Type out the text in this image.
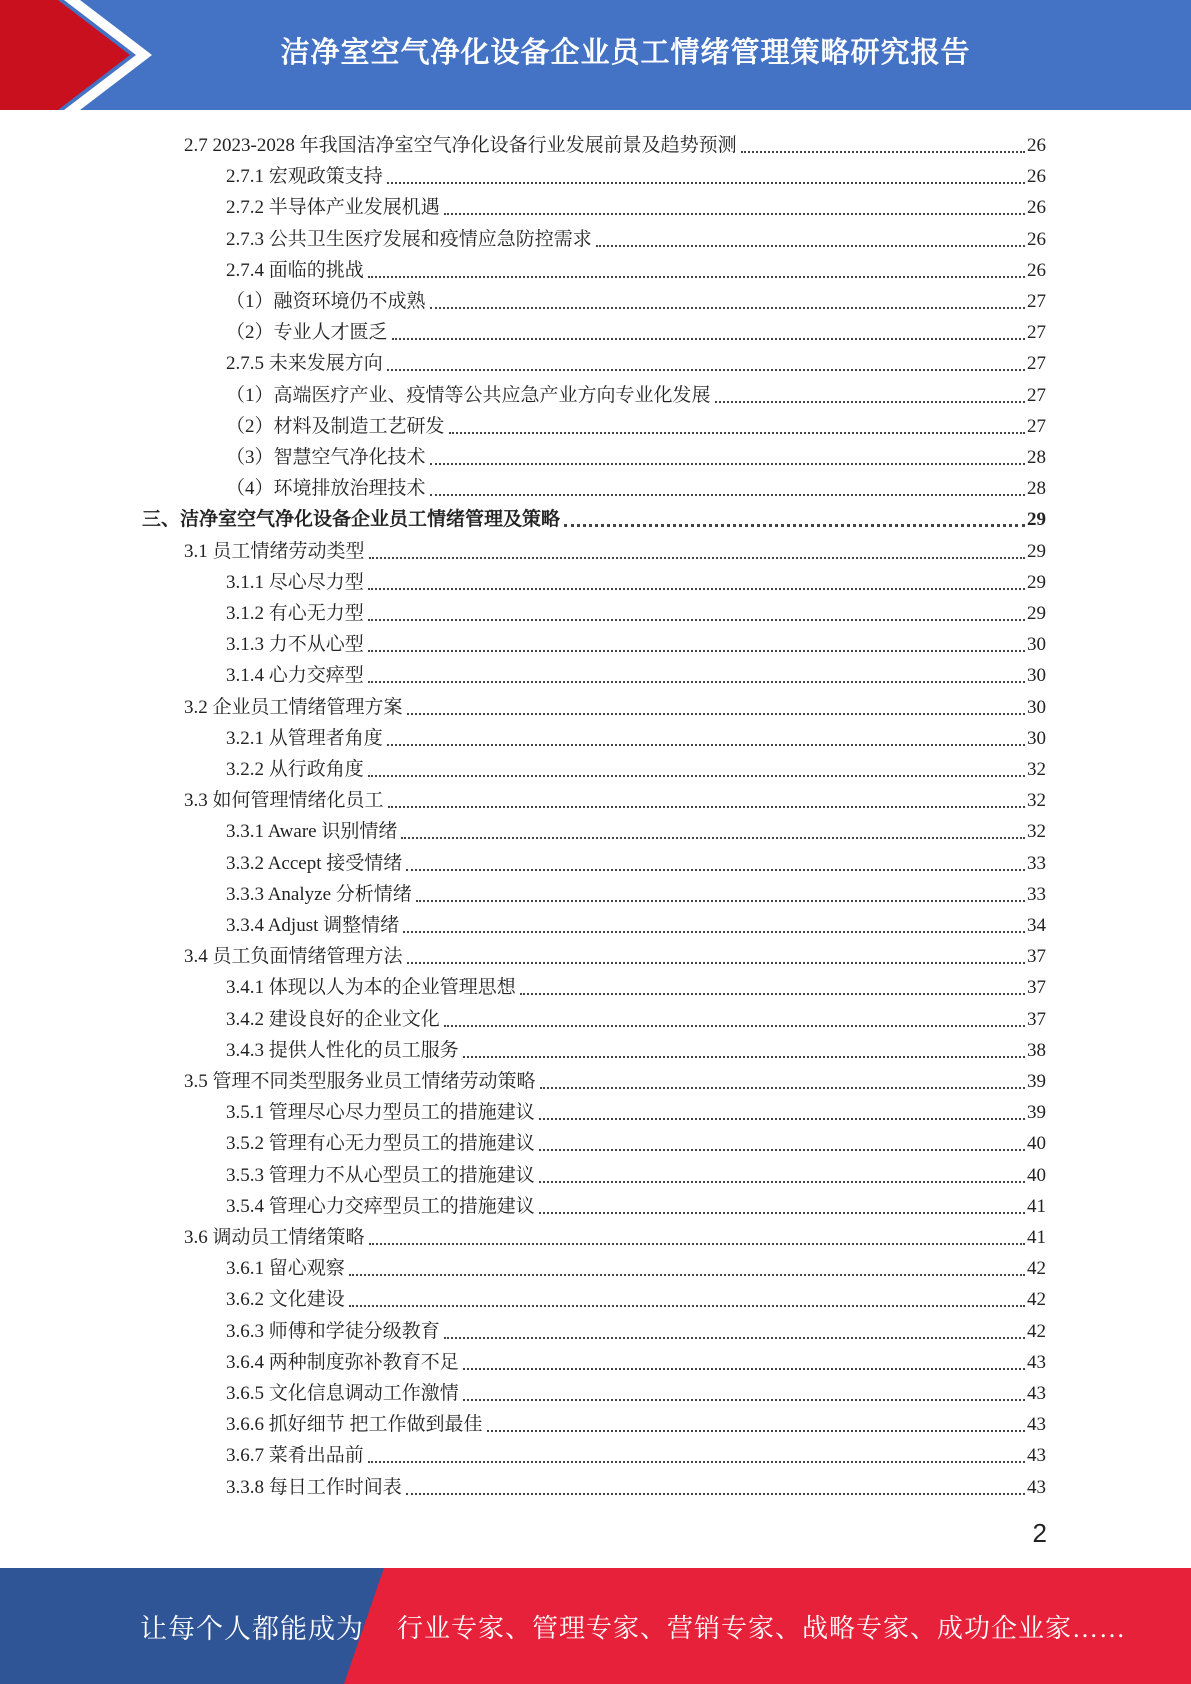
洁净室空气净化设备企业员工情绪管理策略研究报告
2.7 2023-2028 年我国洁净室空气净化设备行业发展前景及趋势预测	26
2.7.1 宏观政策支持	26
2.7.2 半导体产业发展机遇	26
2.7.3 公共卫生医疗发展和疫情应急防控需求	26
2.7.4 面临的挑战	26
（1）融资环境仍不成熟	27
（2）专业人才匮乏	27
2.7.5 未来发展方向	27
（1）高端医疗产业、疫情等公共应急产业方向专业化发展	27
（2）材料及制造工艺研发	27
（3）智慧空气净化技术	28
（4）环境排放治理技术	28
三、洁净室空气净化设备企业员工情绪管理及策略	29
3.1 员工情绪劳动类型	29
3.1.1 尽心尽力型	29
3.1.2 有心无力型	29
3.1.3 力不从心型	30
3.1.4 心力交瘁型	30
3.2 企业员工情绪管理方案	30
3.2.1 从管理者角度	30
3.2.2 从行政角度	32
3.3 如何管理情绪化员工	32
3.3.1 Aware 识别情绪	32
3.3.2 Accept 接受情绪	33
3.3.3 Analyze 分析情绪	33
3.3.4 Adjust 调整情绪	34
3.4 员工负面情绪管理方法	37
3.4.1 体现以人为本的企业管理思想	37
3.4.2 建设良好的企业文化	37
3.4.3 提供人性化的员工服务	38
3.5 管理不同类型服务业员工情绪劳动策略	39
3.5.1 管理尽心尽力型员工的措施建议	39
3.5.2 管理有心无力型员工的措施建议	40
3.5.3 管理力不从心型员工的措施建议	40
3.5.4 管理心力交瘁型员工的措施建议	41
3.6 调动员工情绪策略	41
3.6.1 留心观察	42
3.6.2 文化建设	42
3.6.3 师傅和学徒分级教育	42
3.6.4 两种制度弥补教育不足	43
3.6.5 文化信息调动工作激情	43
3.6.6 抓好细节 把工作做到最佳	43
3.6.7 菜肴出品前	43
3.3.8 每日工作时间表	43
2
让每个人都能成为 行业专家、管理专家、营销专家、战略专家、成功企业家……
